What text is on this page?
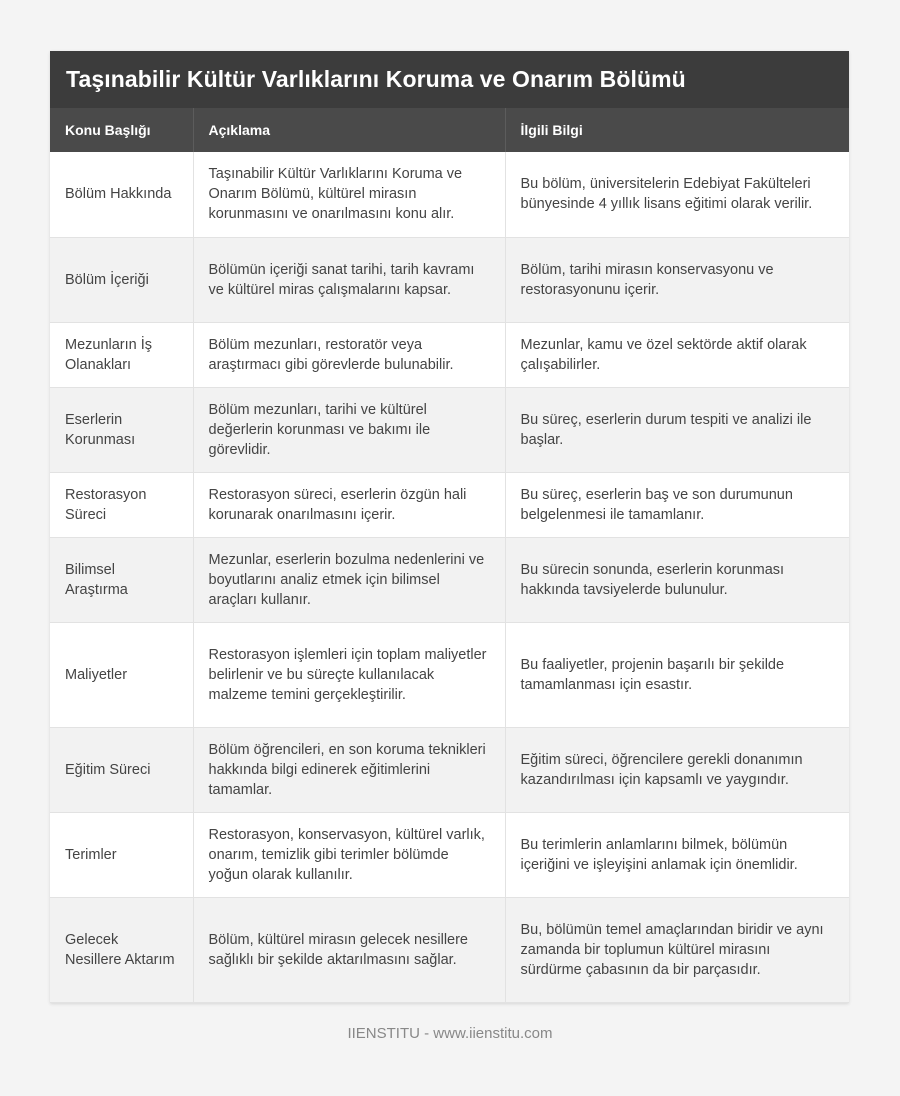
Taşınabilir Kültür Varlıklarını Koruma ve Onarım Bölümü
Konu Başlığı	Açıklama	İlgili Bilgi
Bölüm Hakkında	Taşınabilir Kültür Varlıklarını Koruma ve Onarım Bölümü, kültürel mirasın korunmasını ve onarılmasını konu alır.	Bu bölüm, üniversitelerin Edebiyat Fakülteleri bünyesinde 4 yıllık lisans eğitimi olarak verilir.
Bölüm İçeriği	Bölümün içeriği sanat tarihi, tarih kavramı ve kültürel miras çalışmalarını kapsar.	Bölüm, tarihi mirasın konservasyonu ve restorasyonunu içerir.
Mezunların İş Olanakları	Bölüm mezunları, restoratör veya araştırmacı gibi görevlerde bulunabilir.	Mezunlar, kamu ve özel sektörde aktif olarak çalışabilirler.
Eserlerin Korunması	Bölüm mezunları, tarihi ve kültürel değerlerin korunması ve bakımı ile görevlidir.	Bu süreç, eserlerin durum tespiti ve analizi ile başlar.
Restorasyon Süreci	Restorasyon süreci, eserlerin özgün hali korunarak onarılmasını içerir.	Bu süreç, eserlerin baş ve son durumunun belgelenmesi ile tamamlanır.
Bilimsel Araştırma	Mezunlar, eserlerin bozulma nedenlerini ve boyutlarını analiz etmek için bilimsel araçları kullanır.	Bu sürecin sonunda, eserlerin korunması hakkında tavsiyelerde bulunulur.
Maliyetler	Restorasyon işlemleri için toplam maliyetler belirlenir ve bu süreçte kullanılacak malzeme temini gerçekleştirilir.	Bu faaliyetler, projenin başarılı bir şekilde tamamlanması için esastır.
Eğitim Süreci	Bölüm öğrencileri, en son koruma teknikleri hakkında bilgi edinerek eğitimlerini tamamlar.	Eğitim süreci, öğrencilere gerekli donanımın kazandırılması için kapsamlı ve yaygındır.
Terimler	Restorasyon, konservasyon, kültürel varlık, onarım, temizlik gibi terimler bölümde yoğun olarak kullanılır.	Bu terimlerin anlamlarını bilmek, bölümün içeriğini ve işleyişini anlamak için önemlidir.
Gelecek Nesillere Aktarım	Bölüm, kültürel mirasın gelecek nesillere sağlıklı bir şekilde aktarılmasını sağlar.	Bu, bölümün temel amaçlarından biridir ve aynı zamanda bir toplumun kültürel mirasını sürdürme çabasının da bir parçasıdır.
IIENSTITU - www.iienstitu.com
